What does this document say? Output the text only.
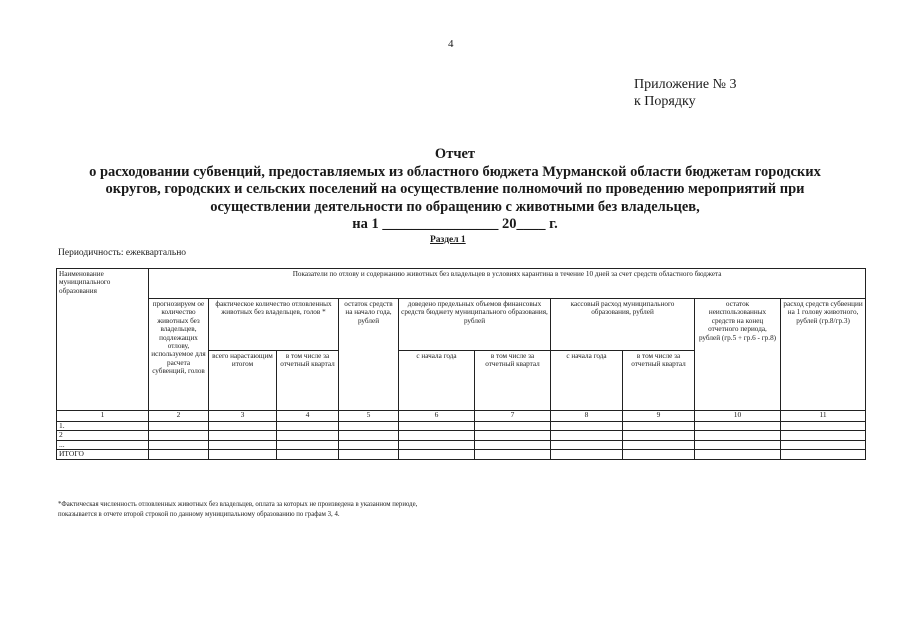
4
Приложение № 3
к Порядку
Отчет
о расходовании субвенций, предоставляемых из областного бюджета Мурманской области бюджетам городских
округов, городских и сельских поселений на осуществление полномочий по проведению мероприятий при
осуществлении деятельности по обращению с животными без владельцев,
на 1 ________________ 20____ г.
Раздел 1
Периодичность: ежеквартально
Наименование муниципального образования	Показатели по отлову и содержанию животных без владельцев в условиях карантина в течение 10 дней за счет средств областного бюджета									
	прогнозируем ое количество животных без владельцев, подлежащих отлову, используемое для расчета субвенций, голов	фактическое количество отловленных животных без владельцев, голов *		остаток средств на начало года, рублей	доведено предельных объемов финансовых средств бюджету муниципального образования, рублей		кассовый расход муниципального образования, рублей		остаток неиспользованных средств на конец отчетного периода, рублей (гр.5 + гр.6 - гр.8)	расход средств субвенции на 1 голову животного, рублей (гр.8/гр.3)
		всего нарастающим итогом	в том числе за отчетный квартал		с начала года	в том числе за отчетный квартал	с начала года	в том числе за отчетный квартал		
1	2	3	4	5	6	7	8	9	10	11
1.										
2										
...										
ИТОГО										
*Фактическая численность отловленных животных без владельцев, оплата за которых не произведена в указанном периоде,
показывается в отчете второй строкой по данному муниципальному образованию по графам 3, 4.
